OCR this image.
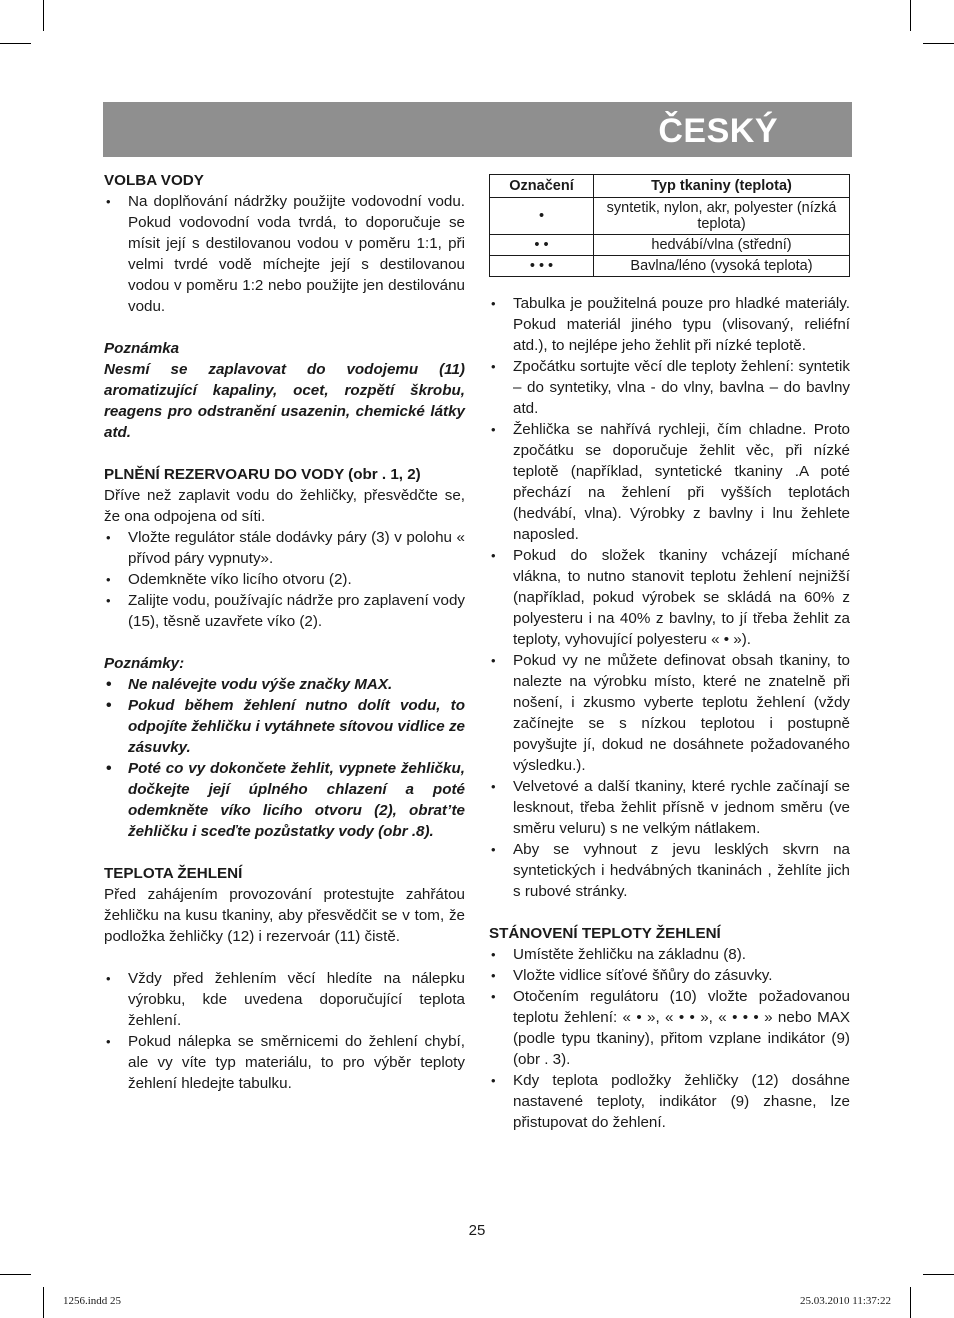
ČESKÝ

VOLBA VODY

• Na doplňování nádržky použijte vodovodní vodu. Pokud vodovodní voda tvrdá, to doporučuje se mísit její s destilovanou vodou v poměru 1:1, při velmi tvrdé vodě míchejte její s destilovanou vodou v poměru 1:2 nebo použijte jen destilovánu vodu.

Poznámka

Nesmí se zaplavovat do vodojemu (11) aromatizující kapaliny, ocet, rozpětí škrobu, reagens pro odstranění usazenin, chemické látky atd.

PLNĚNÍ REZERVOARU DO VODY (obr . 1, 2)

Dříve než zaplavit vodu do žehličky, přesvědčte se, že ona odpojena od síti.

• Vložte regulátor stále dodávky páry (3) v polohu « přívod páry vypnuty».
• Odemkněte víko licího otvoru (2).
• Zalijte vodu, používajíc nádrže pro zaplavení vody (15), těsně uzavřete víko (2).

Poznámky:

• Ne nalévejte vodu výše značky MAX.
• Pokud během žehlení nutno dolít vodu, to odpojíte žehličku i vytáhnete sítovou vidlice ze zásuvky.
• Poté co vy dokončete žehlit, vypnete žehličku, dočkejte její úplného chlazení a poté odemkněte víko licího otvoru (2), obrat’te žehličku i sceďte pozůstatky vody (obr .8).

TEPLOTA ŽEHLENÍ

Před zahájením provozování protestujte zahřátou žehličku na kusu tkaniny, aby přesvědčit se v tom, že podložka žehličky (12) i rezervoár (11) čistě.

• Vždy před žehlením věcí hledíte na nálepku výrobku, kde uvedena doporučující teplota žehlení.
• Pokud nálepka se směrnicemi do žehlení chybí, ale vy víte typ materiálu, to pro výběr teploty žehlení hledejte tabulku.
Označení	Typ tkaniny (teplota)
•	syntetik, nylon, akr, polyester (nízká teplota)
• •	hedvábí/vlna (střední)
• • •	Bavlna/léno (vysoká teplota)
• Tabulka je použitelná pouze pro hladké materiály. Pokud materiál jiného typu (vlisovaný, reliéfní atd.), to nejlépe jeho žehlit při nízké teplotě.
• Zpočátku sortujte věcí dle teploty žehlení: syntetik – do syntetiky, vlna - do vlny, bavlna – do bavlny atd.
• Žehlička se nahřívá rychleji, čím chladne. Proto zpočátku se doporučuje žehlit věc, při nízké teplotě (například, syntetické tkaniny .A poté přechází na žehlení při vyšších teplotách (hedvábí, vlna). Výrobky z bavlny i lnu žehlete naposled.
• Pokud do složek tkaniny vcházejí míchané vlákna, to nutno stanovit teplotu žehlení nejnižší (například, pokud výrobek se skládá na 60% z polyesteru i na 40% z bavlny, to jí třeba žehlit za teploty, vyhovující polyesteru « • »).
• Pokud vy ne můžete definovat obsah tkaniny, to nalezte na výrobku místo, které ne znatelně při nošení, i zkusmo vyberte teplotu žehlení (vždy začínejte se s nízkou teplotou i postupně povyšujte jí, dokud ne dosáhnete požadovaného výsledku.).
• Velvetové a další tkaniny, které rychle začínají se lesknout, třeba žehlit přísně v jednom směru (ve směru veluru) s ne velkým nátlakem.
• Aby se vyhnout z jevu lesklých skvrn na syntetických i hedvábných tkaninách , žehlíte jich s rubové stránky.

STÁNOVENÍ TEPLOTY ŽEHLENÍ

• Umístěte žehličku na základnu (8).
• Vložte vidlice síťové šňůry do zásuvky.
• Otočením regulátoru (10) vložte požadovanou teplotu žehlení: « • », « • • », « • • • » nebo MAX (podle typu tkaniny), přitom vzplane indikátor (9) (obr . 3).
• Kdy teplota podložky žehličky (12) dosáhne nastavené teploty, indikátor (9) zhasne, lze přistupovat do žehlení.
25
1256.indd 25	25.03.2010 11:37:22
